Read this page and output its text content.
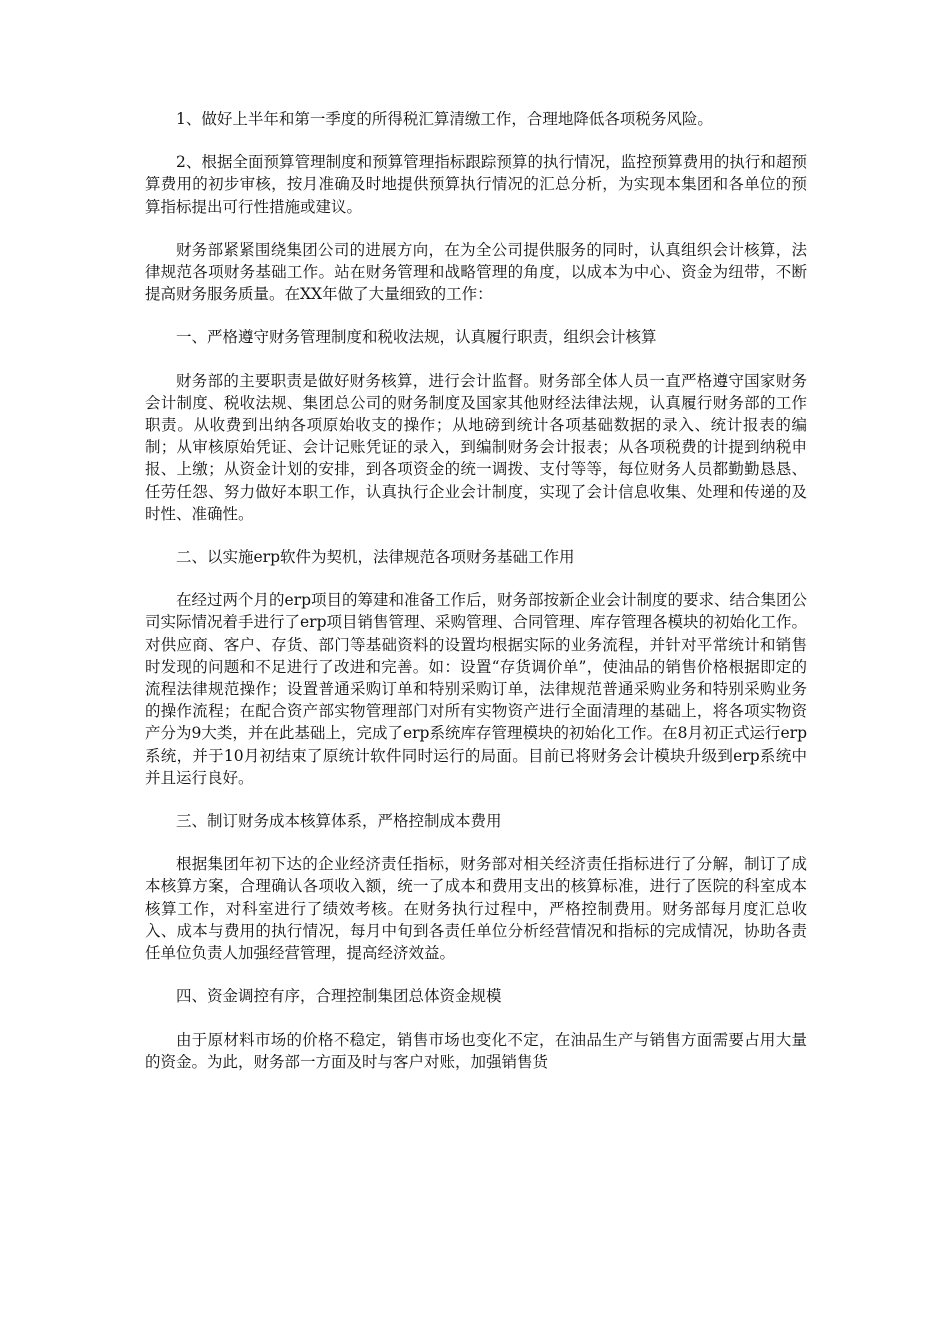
1、做好上半年和第一季度的所得税汇算清缴工作，合理地降低各项税务风险。

2、根据全面预算管理制度和预算管理指标跟踪预算的执行情况，监控预算费用的执行和超预算费用的初步审核，按月准确及时地提供预算执行情况的汇总分析，为实现本集团和各单位的预算指标提出可行性措施或建议。

财务部紧紧围绕集团公司的进展方向，在为全公司提供服务的同时，认真组织会计核算，法律规范各项财务基础工作。站在财务管理和战略管理的角度，以成本为中心、资金为纽带，不断提高财务服务质量。在XX年做了大量细致的工作：

一、严格遵守财务管理制度和税收法规，认真履行职责，组织会计核算

财务部的主要职责是做好财务核算，进行会计监督。财务部全体人员一直严格遵守国家财务会计制度、税收法规、集团总公司的财务制度及国家其他财经法律法规，认真履行财务部的工作职责。从收费到出纳各项原始收支的操作；从地磅到统计各项基础数据的录入、统计报表的编制；从审核原始凭证、会计记账凭证的录入，到编制财务会计报表；从各项税费的计提到纳税申报、上缴；从资金计划的安排，到各项资金的统一调拨、支付等等，每位财务人员都勤勤恳恳、任劳任怨、努力做好本职工作，认真执行企业会计制度，实现了会计信息收集、处理和传递的及时性、准确性。

二、以实施erp软件为契机，法律规范各项财务基础工作用

在经过两个月的erp项目的筹建和准备工作后，财务部按新企业会计制度的要求、结合集团公司实际情况着手进行了erp项目销售管理、采购管理、合同管理、库存管理各模块的初始化工作。对供应商、客户、存货、部门等基础资料的设置均根据实际的业务流程，并针对平常统计和销售时发现的问题和不足进行了改进和完善。如：设置“存货调价单”，使油品的销售价格根据即定的流程法律规范操作；设置普通采购订单和特别采购订单，法律规范普通采购业务和特别采购业务的操作流程；在配合资产部实物管理部门对所有实物资产进行全面清理的基础上，将各项实物资产分为9大类，并在此基础上，完成了erp系统库存管理模块的初始化工作。在8月初正式运行erp系统，并于10月初结束了原统计软件同时运行的局面。目前已将财务会计模块升级到erp系统中并且运行良好。

三、制订财务成本核算体系，严格控制成本费用

根据集团年初下达的企业经济责任指标，财务部对相关经济责任指标进行了分解，制订了成本核算方案，合理确认各项收入额，统一了成本和费用支出的核算标准，进行了医院的科室成本核算工作，对科室进行了绩效考核。在财务执行过程中，严格控制费用。财务部每月度汇总收入、成本与费用的执行情况，每月中旬到各责任单位分析经营情况和指标的完成情况，协助各责任单位负责人加强经营管理，提高经济效益。

四、资金调控有序，合理控制集团总体资金规模

由于原材料市场的价格不稳定，销售市场也变化不定，在油品生产与销售方面需要占用大量的资金。为此，财务部一方面及时与客户对账，加强销售货
